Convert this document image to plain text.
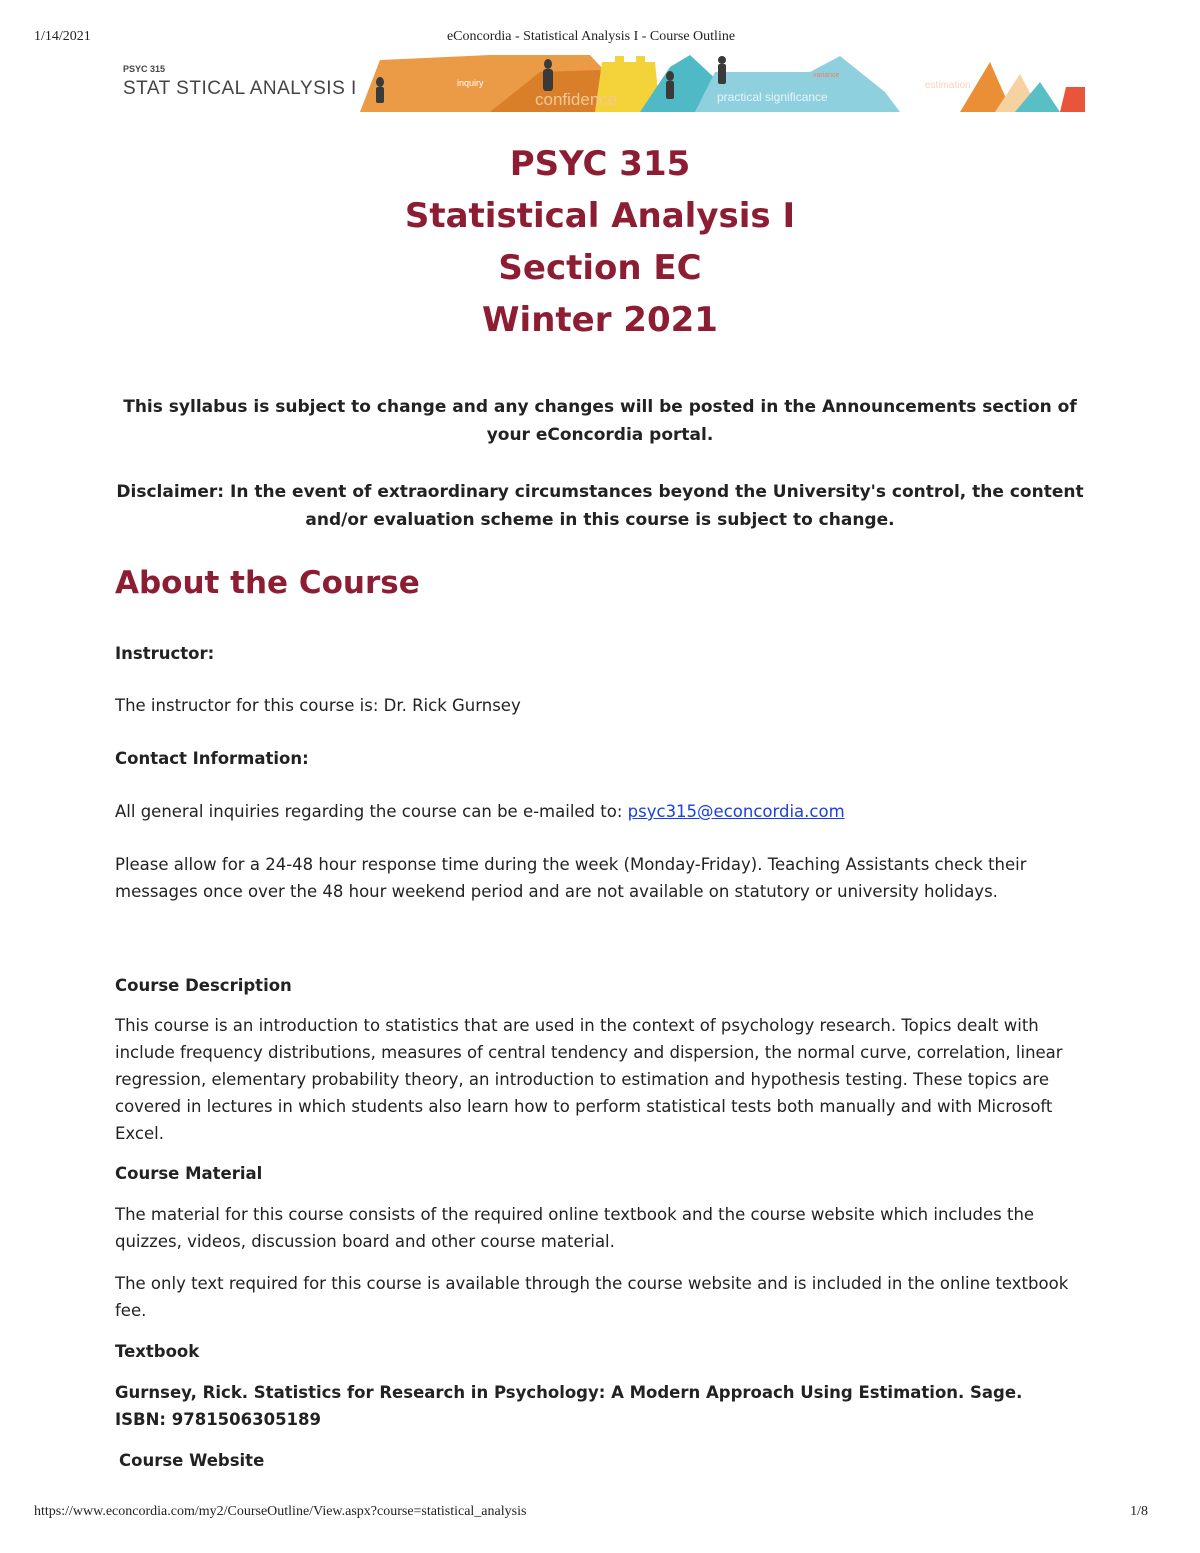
1/14/2021	eConcordia - Statistical Analysis I - Course Outline
PSYC 315
STAT STICAL ANALYSIS I	inquiry
confidence	practical significance
variance
estimation
PSYC 315
Statistical Analysis I
Section EC
Winter 2021
This syllabus is subject to change and any changes will be posted in the Announcements section of your eConcordia portal.
Disclaimer: In the event of extraordinary circumstances beyond the University's control, the content and/or evaluation scheme in this course is subject to change.
About the Course
Instructor:
The instructor for this course is: Dr. Rick Gurnsey
Contact Information:
All general inquiries regarding the course can be e-mailed to: psyc315@econcordia.com
Please allow for a 24-48 hour response time during the week (Monday-Friday). Teaching Assistants check their messages once over the 48 hour weekend period and are not available on statutory or university holidays.
Course Description
This course is an introduction to statistics that are used in the context of psychology research. Topics dealt with include frequency distributions, measures of central tendency and dispersion, the normal curve, correlation, linear regression, elementary probability theory, an introduction to estimation and hypothesis testing. These topics are covered in lectures in which students also learn how to perform statistical tests both manually and with Microsoft Excel.
Course Material
The material for this course consists of the required online textbook and the course website which includes the quizzes, videos, discussion board and other course material.
The only text required for this course is available through the course website and is included in the online textbook fee.
Textbook
Gurnsey, Rick. Statistics for Research in Psychology: A Modern Approach Using Estimation. Sage.
ISBN: 9781506305189
Course Website
https://www.econcordia.com/my2/CourseOutline/View.aspx?course=statistical_analysis	1/8
